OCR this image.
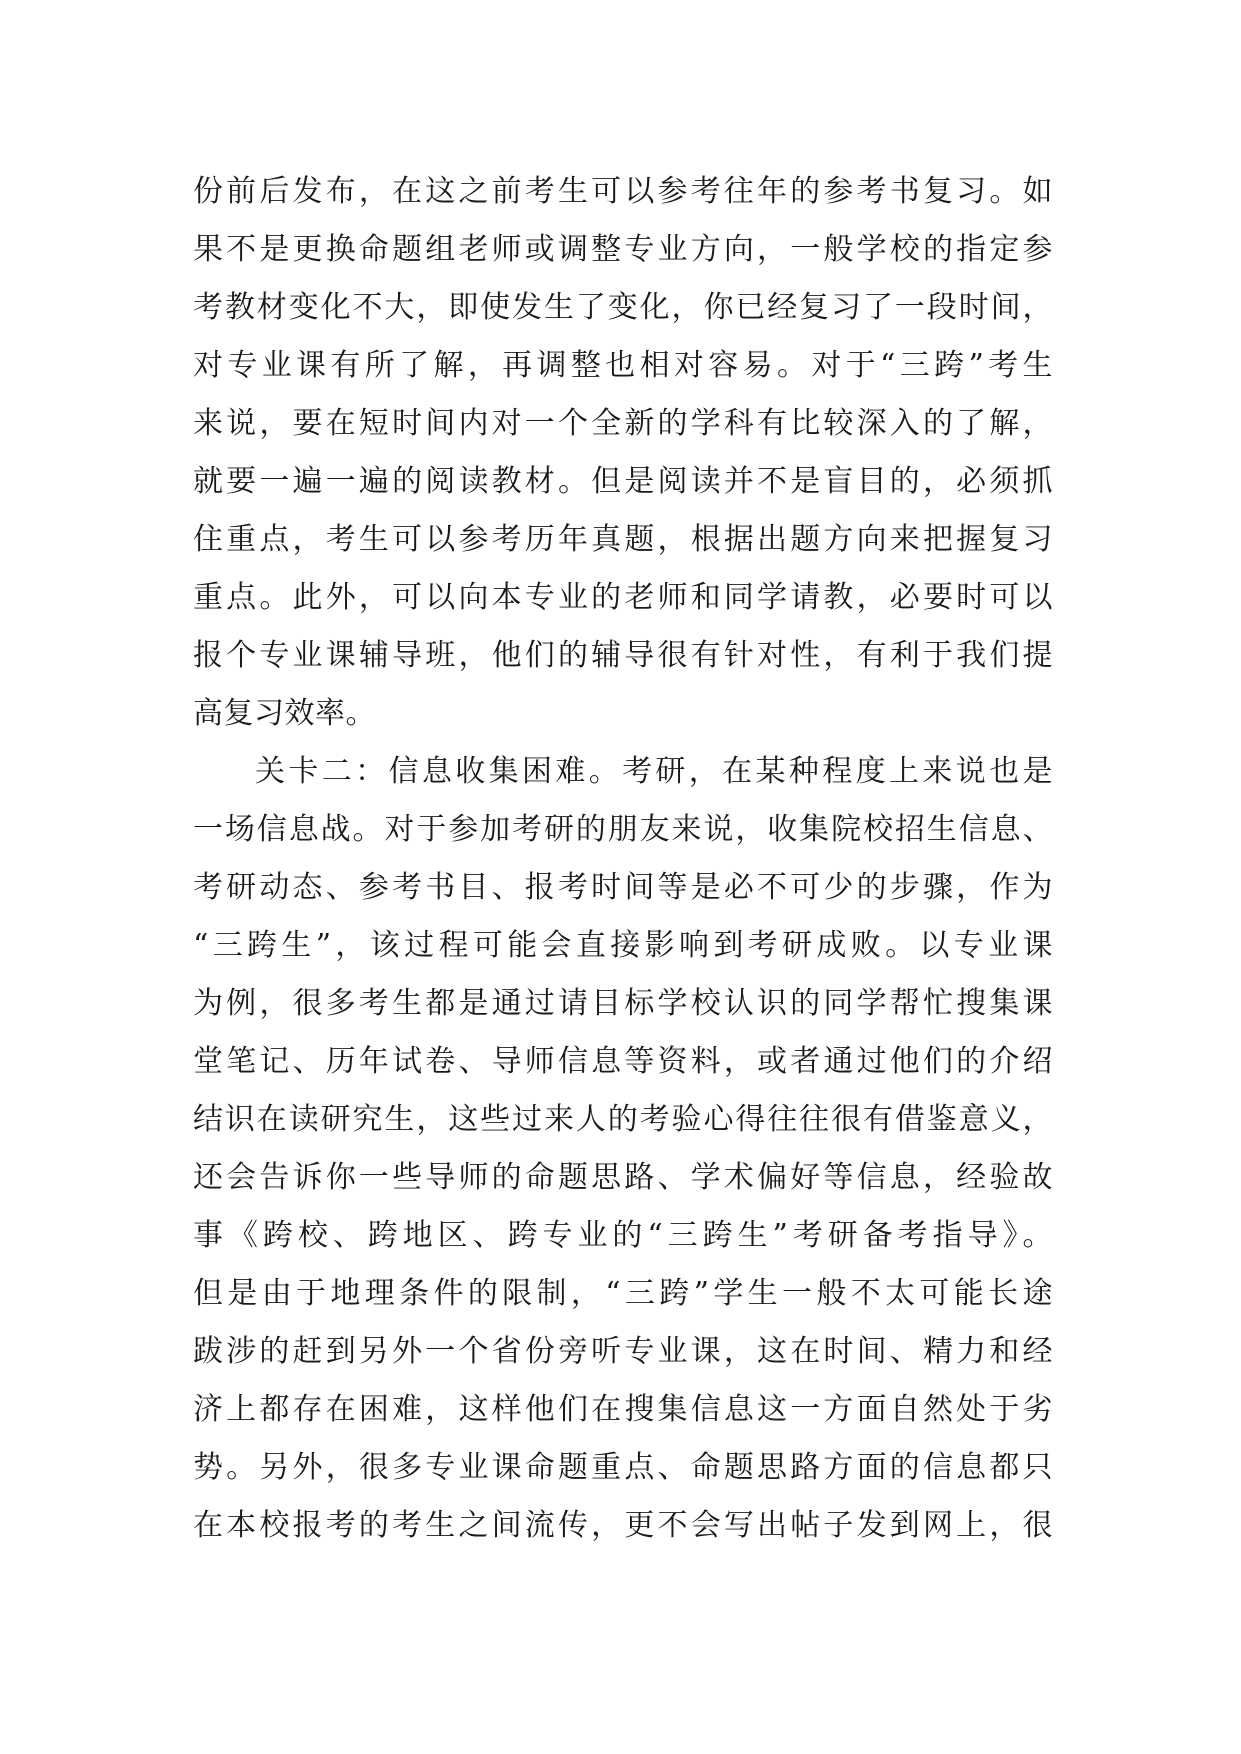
份前后发布，在这之前考生可以参考往年的参考书复习。如
果不是更换命题组老师或调整专业方向，一般学校的指定参
考教材变化不大，即使发生了变化，你已经复习了一段时间，
对专业课有所了解，再调整也相对容易。对于“三跨”考生
来说，要在短时间内对一个全新的学科有比较深入的了解，
就要一遍一遍的阅读教材。但是阅读并不是盲目的，必须抓
住重点，考生可以参考历年真题，根据出题方向来把握复习
重点。此外，可以向本专业的老师和同学请教，必要时可以
报个专业课辅导班，他们的辅导很有针对性，有利于我们提
高复习效率。
关卡二：信息收集困难。考研，在某种程度上来说也是
一场信息战。对于参加考研的朋友来说，收集院校招生信息、
考研动态、参考书目、报考时间等是必不可少的步骤，作为
“三跨生”，该过程可能会直接影响到考研成败。以专业课
为例，很多考生都是通过请目标学校认识的同学帮忙搜集课
堂笔记、历年试卷、导师信息等资料，或者通过他们的介绍
结识在读研究生，这些过来人的考验心得往往很有借鉴意义，
还会告诉你一些导师的命题思路、学术偏好等信息，经验故
事《跨校、跨地区、跨专业的“三跨生”考研备考指导》。
但是由于地理条件的限制，“三跨”学生一般不太可能长途
跋涉的赶到另外一个省份旁听专业课，这在时间、精力和经
济上都存在困难，这样他们在搜集信息这一方面自然处于劣
势。另外，很多专业课命题重点、命题思路方面的信息都只
在本校报考的考生之间流传，更不会写出帖子发到网上，很
